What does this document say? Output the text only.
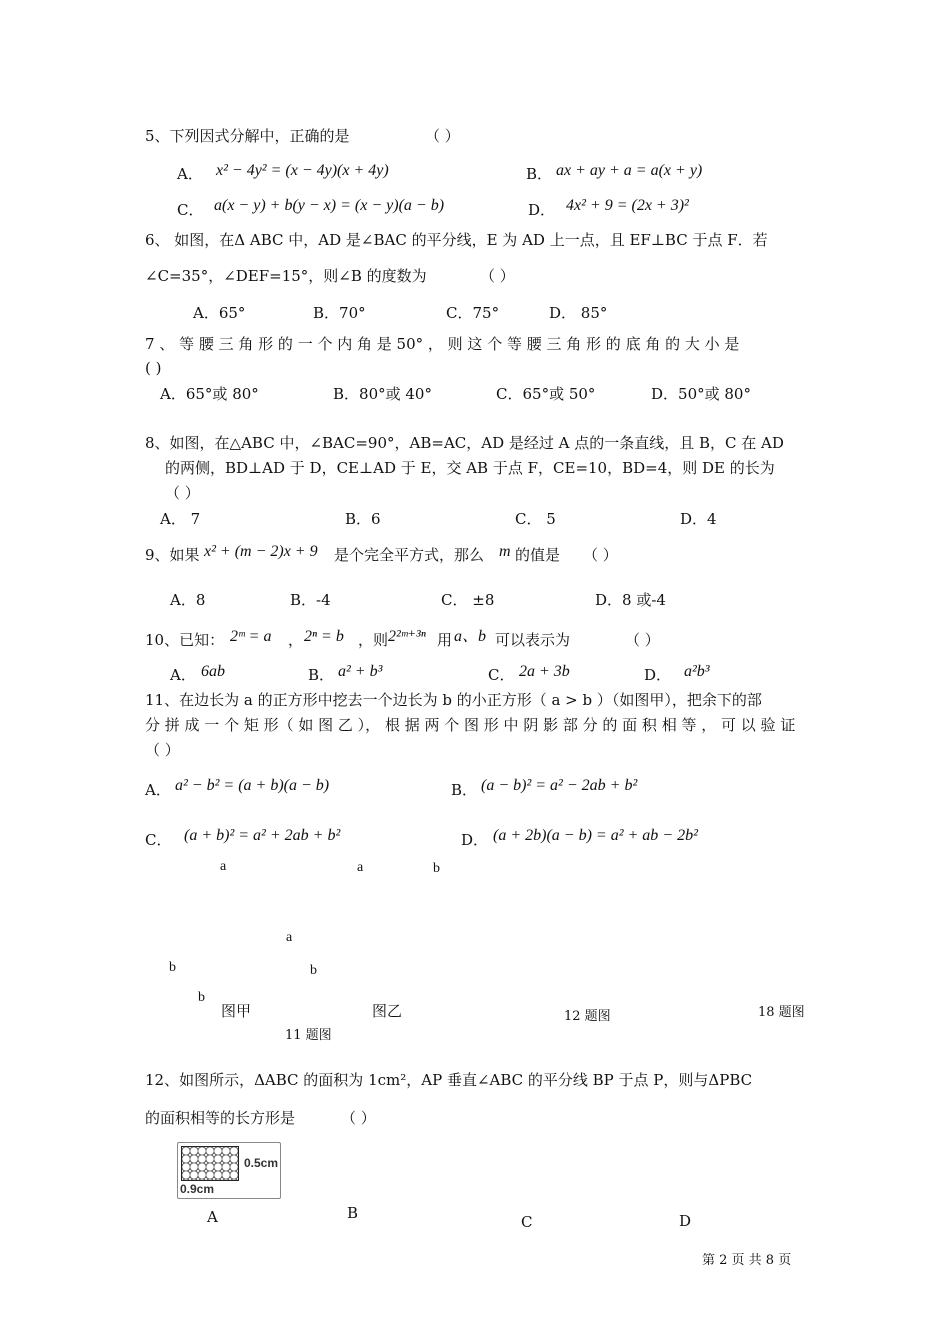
5、下列因式分解中，正确的是	（ ）
A． x² − 4y² = (x − 4y)(x + 4y)	B． ax + ay + a = a(x + y)
C． a(x − y) + b(y − x) = (x − y)(a − b)	D． 4x² + 9 = (2x + 3)²
6、 如图，在Δ ABC 中，AD 是∠BAC 的平分线，E 为 AD 上一点，且 EF⊥BC 于点 F．若
∠C=35°，∠DEF=15°，则∠B 的度数为	（ ）
A．65°	B．70°	C．75°	D． 85°
7 、 等 腰 三 角 形 的 一 个 内 角 是 50° ， 则 这 个 等 腰 三 角 形 的 底 角 的 大 小 是
( )
A．65°或 80°	B．80°或 40°	C．65°或 50°	D．50°或 80°
8、如图，在△ABC 中，∠BAC=90°，AB=AC，AD 是经过 A 点的一条直线，且 B，C 在 AD
的两侧，BD⊥AD 于 D，CE⊥AD 于 E，交 AB 于点 F，CE=10，BD=4，则 DE 的长为
（ ）
A． 7	B．6	C． 5	D．4
9、如果 x² + (m − 2)x + 9 是个完全平方式，那么 m 的值是 （ ）
A．8	B．-4	C． ±8	D．8 或-4
10、已知： 2ᵐ = a ， 2ⁿ = b ，则 2²ᵐ⁺³ⁿ 用 a、b 可以表示为	（ ）
A． 6ab	B． a² + b³	C． 2a + 3b	D． a²b³
11、在边长为 a 的正方形中挖去一个边长为 b 的小正方形（ a > b ）（如图甲），把余下的部
分 拼 成 一 个 矩 形（ 如 图 乙 ）， 根 据 两 个 图 形 中 阴 影 部 分 的 面 积 相 等 ， 可 以 验 证
（ ）
A． a² − b² = (a + b)(a − b)	B． (a − b)² = a² − 2ab + b²
C． (a + b)² = a² + 2ab + b²	D． (a + 2b)(a − b) = a² + ab − 2b²
a	a	b
a
b	b
b
图甲	图乙
11 题图
12 题图	18 题图
12、如图所示，ΔABC 的面积为 1cm²，AP 垂直∠ABC 的平分线 BP 于点 P，则与ΔPBC
的面积相等的长方形是	（ ）
0.5cm
0.9cm
A	B	C	D
第 2 页 共 8 页
